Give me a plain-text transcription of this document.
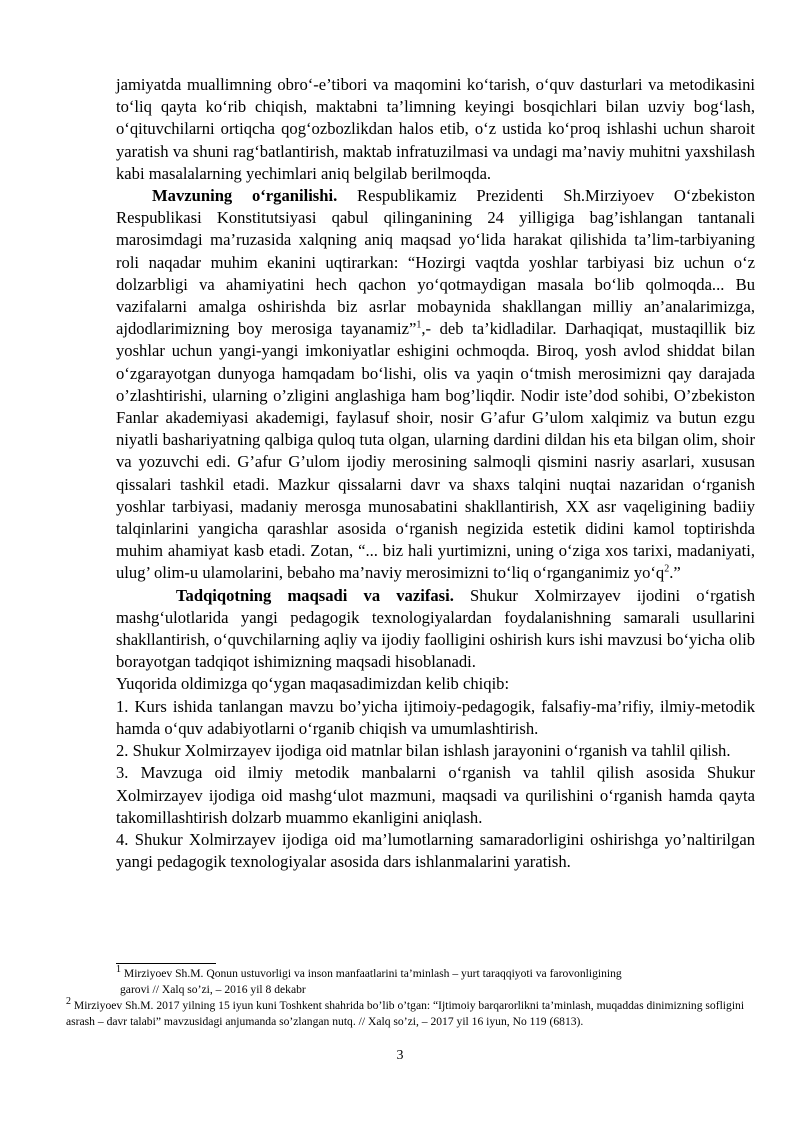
jamiyatda muallimning obro‘-e’tibori va maqomini ko‘tarish, o‘quv dasturlari va metodikasini to‘liq qayta ko‘rib chiqish, maktabni ta’limning keyingi bosqichlari bilan uzviy bog‘lash, o‘qituvchilarni ortiqcha qog‘ozbozlikdan halos etib, o‘z ustida ko‘proq ishlashi uchun sharoit yaratish va shuni rag‘batlantirish, maktab infratuzilmasi va undagi ma’naviy muhitni yaxshilash kabi masalalarning yechimlari aniq belgilab berilmoqda.

Mavzuning o‘rganilishi. Respublikamiz Prezidenti Sh.Mirziyoev O‘zbekiston Respublikasi Konstitutsiyasi qabul qilinganining 24 yilligiga bag’ishlangan tantanali marosimdagi ma’ruzasida xalqning aniq maqsad yo‘lida harakat qilishida ta’lim-tarbiyaning roli naqadar muhim ekanini uqtirarkan: “Hozirgi vaqtda yoshlar tarbiyasi biz uchun o‘z dolzarbligi va ahamiyatini hech qachon yo‘qotmaydigan masala bo‘lib qolmoqda... Bu vazifalarni amalga oshirishda biz asrlar mobaynida shakllangan milliy an’analarimizga, ajdodlarimizning boy merosiga tayanamiz”$^1$,- deb ta’kidladilar. Darhaqiqat, mustaqillik biz yoshlar uchun yangi-yangi imkoniyatlar eshigini ochmoqda. Biroq, yosh avlod shiddat bilan o‘zgarayotgan dunyoga hamqadam bo‘lishi, olis va yaqin o‘tmish merosimizni qay darajada o’zlashtirishi, ularning o’zligini anglashiga ham bog’liqdir. Nodir iste’dod sohibi, O’zbekiston Fanlar akademiyasi akademigi, faylasuf shoir, nosir G’afur G’ulom xalqimiz va butun ezgu niyatli bashariyatning qalbiga quloq tuta olgan, ularning dardini dildan his eta bilgan olim, shoir va yozuvchi edi. G’afur G’ulom ijodiy merosining salmoqli qismini nasriy asarlari, xususan qissalari tashkil etadi. Mazkur qissalarni davr va shaxs talqini nuqtai nazaridan o‘rganish yoshlar tarbiyasi, madaniy merosga munosabatini shakllantirish, XX asr vaqeligining badiiy talqinlarini yangicha qarashlar asosida o‘rganish negizida estetik didini kamol toptirishda muhim ahamiyat kasb etadi. Zotan, “... biz hali yurtimizni, uning o‘ziga xos tarixi, madaniyati, ulug’ olim-u ulamolarini, bebaho ma’naviy merosimizni to‘liq o‘rganganimiz $yo‘q^2$.”

Tadqiqotning maqsadi va vazifasi. Shukur Xolmirzayev ijodini o‘rgatish mashg‘ulotlarida yangi pedagogik texnologiyalardan foydalanishning samarali usullarini shakllantirish, o‘quvchilarning aqliy va ijodiy faolligini oshirish kurs ishi mavzusi bo‘yicha olib borayotgan tadqiqot ishimizning maqsadi hisoblanadi.

Yuqorida oldimizga qo‘ygan maqasadimizdan kelib chiqib:

1. Kurs ishida tanlangan mavzu bo’yicha ijtimoiy-pedagogik, falsafiy-ma’rifiy, ilmiy-metodik hamda o‘quv adabiyotlarni o‘rganib chiqish va umumlashtirish.

2. Shukur Xolmirzayev ijodiga oid matnlar bilan ishlash jarayonini o‘rganish va tahlil qilish.

3. Mavzuga oid ilmiy metodik manbalarni o‘rganish va tahlil qilish asosida Shukur Xolmirzayev ijodiga oid mashg‘ulot mazmuni, maqsadi va qurilishini o‘rganish hamda qayta takomillashtirish dolzarb muammo ekanligini aniqlash.

4. Shukur Xolmirzayev ijodiga oid ma’lumotlarning samaradorligini oshirishga yo’naltirilgan yangi pedagogik texnologiyalar asosida dars ishlanmalarini yaratish.

$^1$ Mirziyoev Sh.M. Qonun ustuvorligi va inson manfaatlarini ta’minlash – yurt taraqqiyoti va farovonligining
garovi // Xalq so’zi, – 2016 yil 8 dekabr
$^2$ Mirziyoev Sh.M. 2017 yilning 15 iyun kuni Toshkent shahrida bo’lib o’tgan: “Ijtimoiy barqarorlikni ta’minlash, muqaddas dinimizning sofligini asrash – davr talabi” mavzusidagi anjumanda so’zlangan nutq. // Xalq so’zi, – 2017 yil 16 iyun, No 119 (6813).
3
